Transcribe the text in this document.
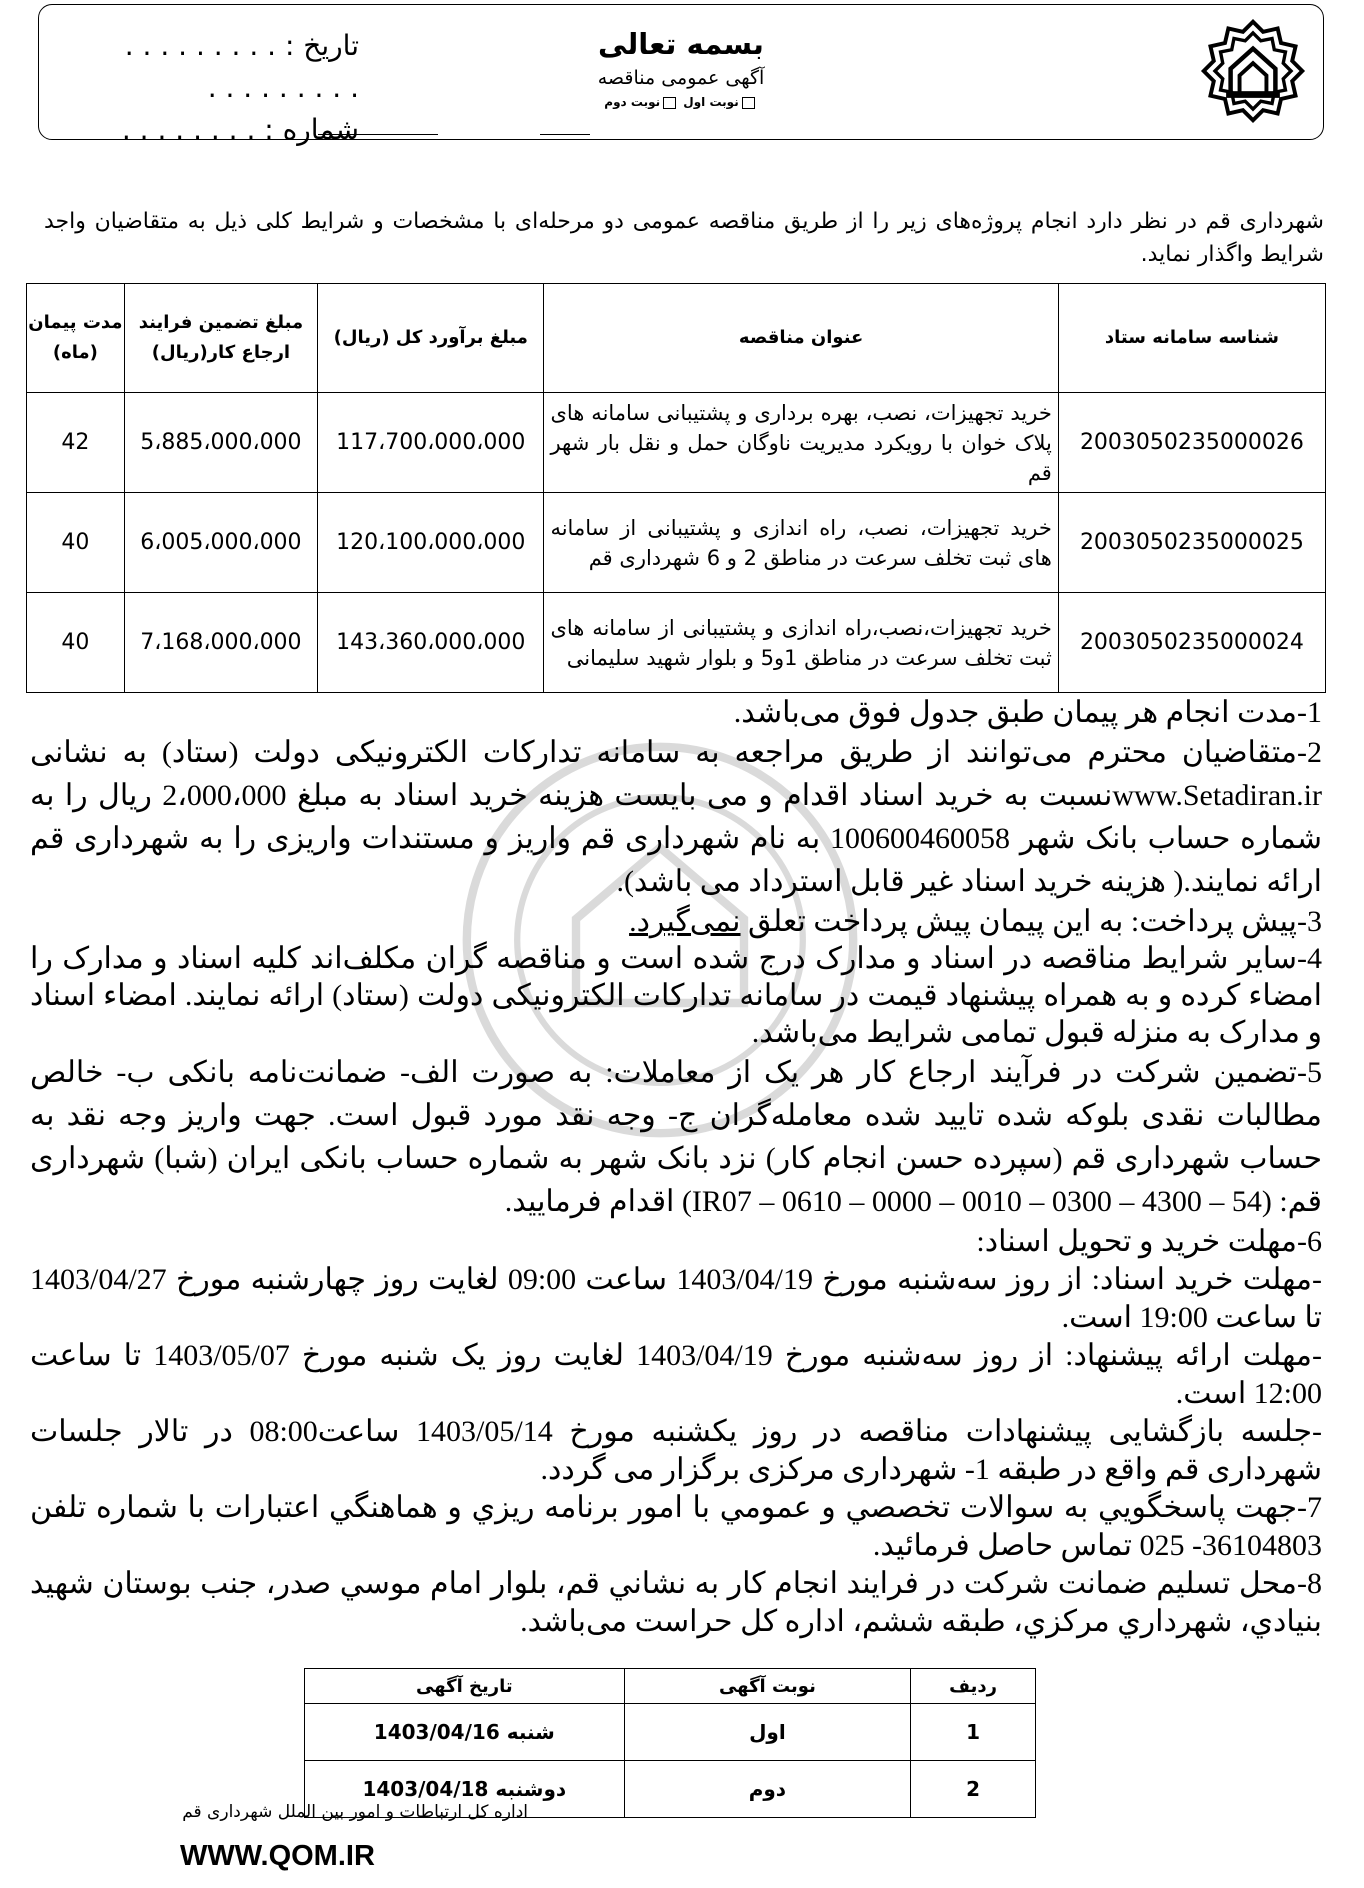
بسمه تعالی
آگهی عمومی مناقصه
نوبت اول نوبت دوم
تاریخ : . . . . . . . . .
. . . . . . . . .
شماره : . . . . . . . .
شهرداری قم در نظر دارد انجام پروژه‌های زیر را از طریق مناقصه عمومی دو مرحله‌ای با مشخصات و شرایط کلی ذیل به متقاضیان واجد شرایط واگذار نماید.
شناسه سامانه ستاد	عنوان مناقصه	مبلغ برآورد کل (ریال)	مبلغ تضمین فرایند ارجاع کار(ریال)	مدت پیمان (ماه)
2003050235000026	خرید تجهیزات، نصب، بهره برداری و پشتیبانی سامانه های پلاک خوان با رویکرد مدیریت ناوگان حمل و نقل بار شهر قم	117،700،000،000	5،885،000،000	42
2003050235000025	خرید تجهیزات، نصب، راه اندازی و پشتیبانی از سامانه های ثبت تخلف سرعت در مناطق 2 و 6 شهرداری قم	120،100،000،000	6،005،000،000	40
2003050235000024	خرید تجهیزات،نصب،راه اندازی و پشتیبانی از سامانه های ثبت تخلف سرعت در مناطق 1و5 و بلوار شهید سلیمانی	143،360،000،000	7،168،000،000	40

1-مدت انجام هر پیمان طبق جدول فوق می‌باشد.

2-متقاضیان محترم می‌توانند از طریق مراجعه به سامانه تدارکات الکترونیکی دولت (ستاد) به نشانی www.Setadiran.irنسبت به خرید اسناد اقدام و می بایست هزینه خرید اسناد به مبلغ 2،000،000 ریال را به شماره حساب بانک شهر 100600460058 به نام شهرداری قم واریز و مستندات واریزی را به شهرداری قم ارائه نمایند.( هزینه خرید اسناد غیر قابل استرداد می باشد).

3-پیش پرداخت: به این پیمان پیش پرداخت تعلق نمی‌گیرد.

4-سایر شرایط مناقصه در اسناد و مدارک درج شده است و مناقصه گران مکلف‌اند کلیه اسناد و مدارک را امضاء کرده و به همراه پیشنهاد قیمت در سامانه تدارکات الکترونیکی دولت (ستاد) ارائه نمایند. امضاء اسناد و مدارک به منزله قبول تمامی شرایط می‌باشد.

5-تضمین شرکت در فرآیند ارجاع کار هر یک از معاملات: به صورت الف- ضمانت‌نامه بانکی ب- خالص مطالبات نقدی بلوکه شده تایید شده معامله‌گران ج- وجه نقد مورد قبول است. جهت واریز وجه نقد به حساب شهرداری قم (سپرده حسن انجام کار) نزد بانک شهر به شماره حساب بانکی ایران (شبا) شهرداری قم: (54 – 4300 – 0300 – 0010 – 0000 – 0610 – IR07) اقدام فرمایید.

6-مهلت خرید و تحویل اسناد:

-مهلت خرید اسناد: از روز سه‌شنبه مورخ 1403/04/19 ساعت 09:00 لغایت روز چهارشنبه مورخ 1403/04/27 تا ساعت 19:00 است.

-مهلت ارائه پیشنهاد: از روز سه‌شنبه مورخ 1403/04/19 لغایت روز یک شنبه مورخ 1403/05/07 تا ساعت 12:00 است.

-جلسه بازگشایی پیشنهادات مناقصه در روز یکشنبه مورخ 1403/05/14 ساعت08:00 در تالار جلسات شهرداری قم واقع در طبقه 1- شهرداری مرکزی برگزار می گردد.

7-جهت پاسخگويي به سوالات تخصصي و عمومي با امور برنامه ريزي و هماهنگي اعتبارات با شماره تلفن 36104803- 025 تماس حاصل فرمائيد.

8-محل تسليم ضمانت شركت در فرايند انجام كار به نشاني قم، بلوار امام موسي صدر، جنب بوستان شهيد بنيادي، شهرداري مركزي، طبقه ششم، اداره كل حراست می‌باشد.

ردیف	نوبت آگهی	تاریخ آگهی
1	اول	شنبه 1403/04/16
2	دوم	دوشنبه 1403/04/18
اداره کل ارتباطات و امور بین الملل شهرداری قم
WWW.QOM.IR
